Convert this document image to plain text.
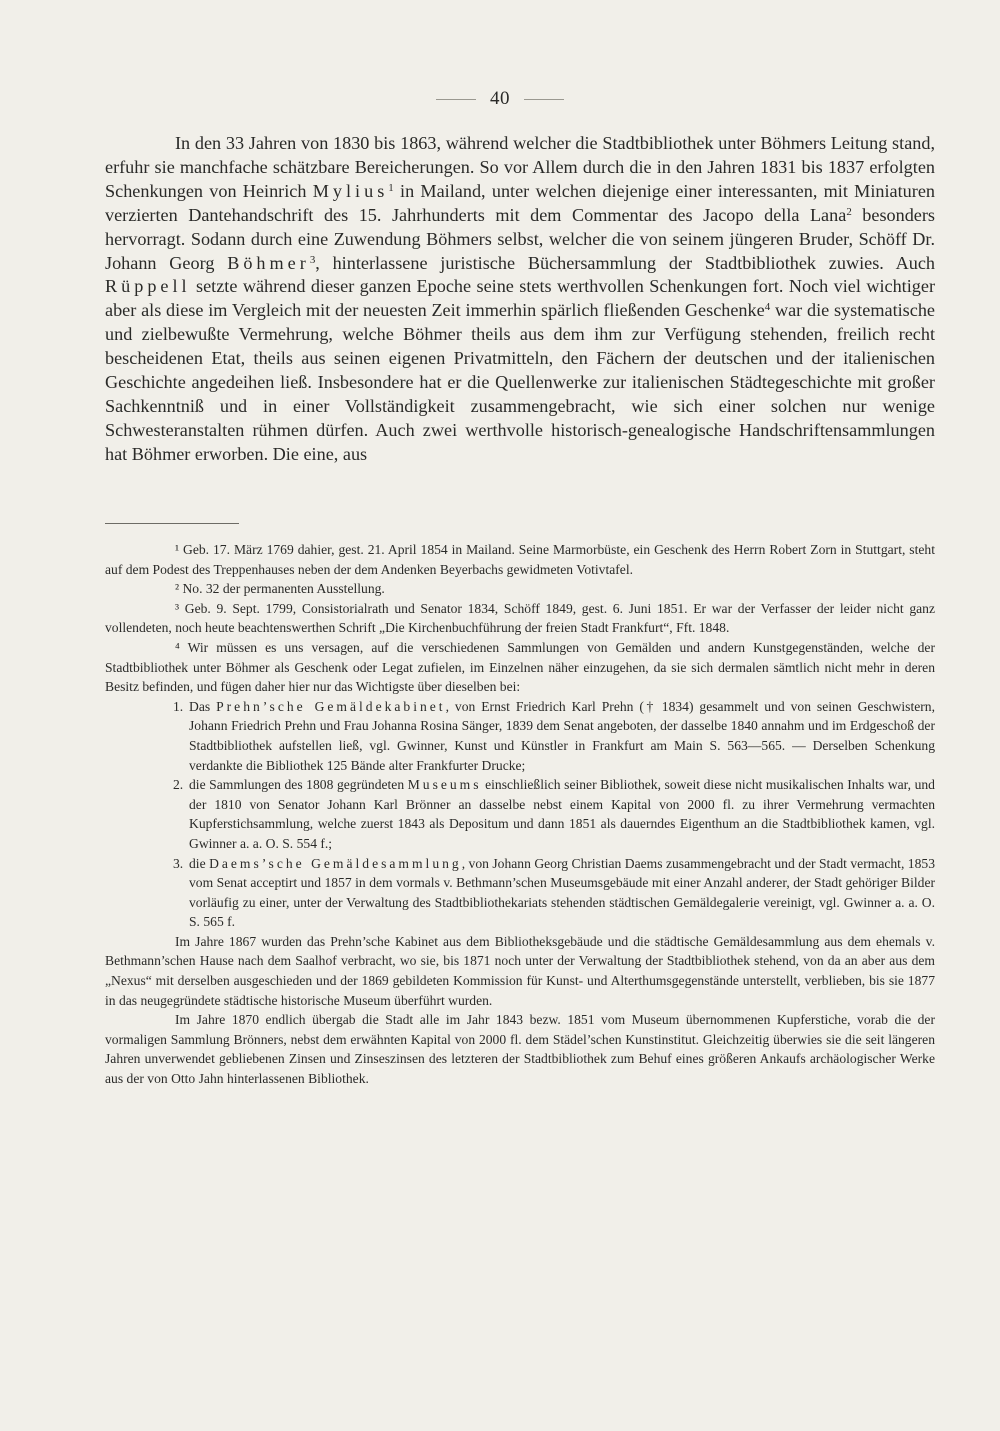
40

In den 33 Jahren von 1830 bis 1863, während welcher die Stadtbibliothek unter Böhmers Leitung stand, erfuhr sie manchfache schätzbare Bereicherungen. So vor Allem durch die in den Jahren 1831 bis 1837 erfolgten Schenkungen von Heinrich Mylius$^1$ in Mailand, unter welchen diejenige einer interessanten, mit Miniaturen verzierten Dantehandschrift des 15. Jahrhunderts mit dem Commentar des Jacopo della Lana$^2$ besonders hervorragt. Sodann durch eine Zuwendung Böhmers selbst, welcher die von seinem jüngeren Bruder, Schöff Dr. Johann Georg Böhmer$^3$, hinterlassene juristische Büchersammlung der Stadtbibliothek zuwies. Auch Rüppell setzte während dieser ganzen Epoche seine stets werthvollen Schenkungen fort. Noch viel wichtiger aber als diese im Vergleich mit der neuesten Zeit immerhin spärlich fließenden Geschenke$^4$ war die systematische und zielbewußte Vermehrung, welche Böhmer theils aus dem ihm zur Verfügung stehenden, freilich recht bescheidenen Etat, theils aus seinen eigenen Privatmitteln, den Fächern der deutschen und der italienischen Geschichte angedeihen ließ. Insbesondere hat er die Quellenwerke zur italienischen Städtegeschichte mit großer Sachkenntniß und in einer Vollständigkeit zusammengebracht, wie sich einer solchen nur wenige Schwesteranstalten rühmen dürfen. Auch zwei werthvolle historisch-genealogische Handschriftensammlungen hat Böhmer erworben. Die eine, aus

¹ Geb. 17. März 1769 dahier, gest. 21. April 1854 in Mailand. Seine Marmorbüste, ein Geschenk des Herrn Robert Zorn in Stuttgart, steht auf dem Podest des Treppenhauses neben der dem Andenken Beyerbachs gewidmeten Votivtafel.

² No. 32 der permanenten Ausstellung.

³ Geb. 9. Sept. 1799, Consistorialrath und Senator 1834, Schöff 1849, gest. 6. Juni 1851. Er war der Verfasser der leider nicht ganz vollendeten, noch heute beachtenswerthen Schrift „Die Kirchenbuchführung der freien Stadt Frankfurt“, Fft. 1848.

⁴ Wir müssen es uns versagen, auf die verschiedenen Sammlungen von Gemälden und andern Kunstgegenständen, welche der Stadtbibliothek unter Böhmer als Geschenk oder Legat zufielen, im Einzelnen näher einzugehen, da sie sich dermalen sämtlich nicht mehr in deren Besitz befinden, und fügen daher hier nur das Wichtigste über dieselben bei:

1. Das Prehn’sche Gemäldekabinet, von Ernst Friedrich Karl Prehn († 1834) gesammelt und von seinen Geschwistern, Johann Friedrich Prehn und Frau Johanna Rosina Sänger, 1839 dem Senat angeboten, der dasselbe 1840 annahm und im Erdgeschoß der Stadtbibliothek aufstellen ließ, vgl. Gwinner, Kunst und Künstler in Frankfurt am Main S. 563—565. — Derselben Schenkung verdankte die Bibliothek 125 Bände alter Frankfurter Drucke;
2. die Sammlungen des 1808 gegründeten Museums einschließlich seiner Bibliothek, soweit diese nicht musikalischen Inhalts war, und der 1810 von Senator Johann Karl Brönner an dasselbe nebst einem Kapital von 2000 fl. zu ihrer Vermehrung vermachten Kupferstichsammlung, welche zuerst 1843 als Depositum und dann 1851 als dauerndes Eigenthum an die Stadtbibliothek kamen, vgl. Gwinner a. a. O. S. 554 f.;
3. die Daems’sche Gemäldesammlung, von Johann Georg Christian Daems zusammengebracht und der Stadt vermacht, 1853 vom Senat acceptirt und 1857 in dem vormals v. Bethmann’schen Museumsgebäude mit einer Anzahl anderer, der Stadt gehöriger Bilder vorläufig zu einer, unter der Verwaltung des Stadtbibliothekariats stehenden städtischen Gemäldegalerie vereinigt, vgl. Gwinner a. a. O. S. 565 f.

Im Jahre 1867 wurden das Prehn’sche Kabinet aus dem Bibliotheksgebäude und die städtische Gemäldesammlung aus dem ehemals v. Bethmann’schen Hause nach dem Saalhof verbracht, wo sie, bis 1871 noch unter der Verwaltung der Stadtbibliothek stehend, von da an aber aus dem „Nexus“ mit derselben ausgeschieden und der 1869 gebildeten Kommission für Kunst- und Alterthumsgegenstände unterstellt, verblieben, bis sie 1877 in das neugegründete städtische historische Museum überführt wurden.

Im Jahre 1870 endlich übergab die Stadt alle im Jahr 1843 bezw. 1851 vom Museum übernommenen Kupferstiche, vorab die der vormaligen Sammlung Brönners, nebst dem erwähnten Kapital von 2000 fl. dem Städel’schen Kunstinstitut. Gleichzeitig überwies sie die seit längeren Jahren unverwendet gebliebenen Zinsen und Zinseszinsen des letzteren der Stadtbibliothek zum Behuf eines größeren Ankaufs archäologischer Werke aus der von Otto Jahn hinterlassenen Bibliothek.
